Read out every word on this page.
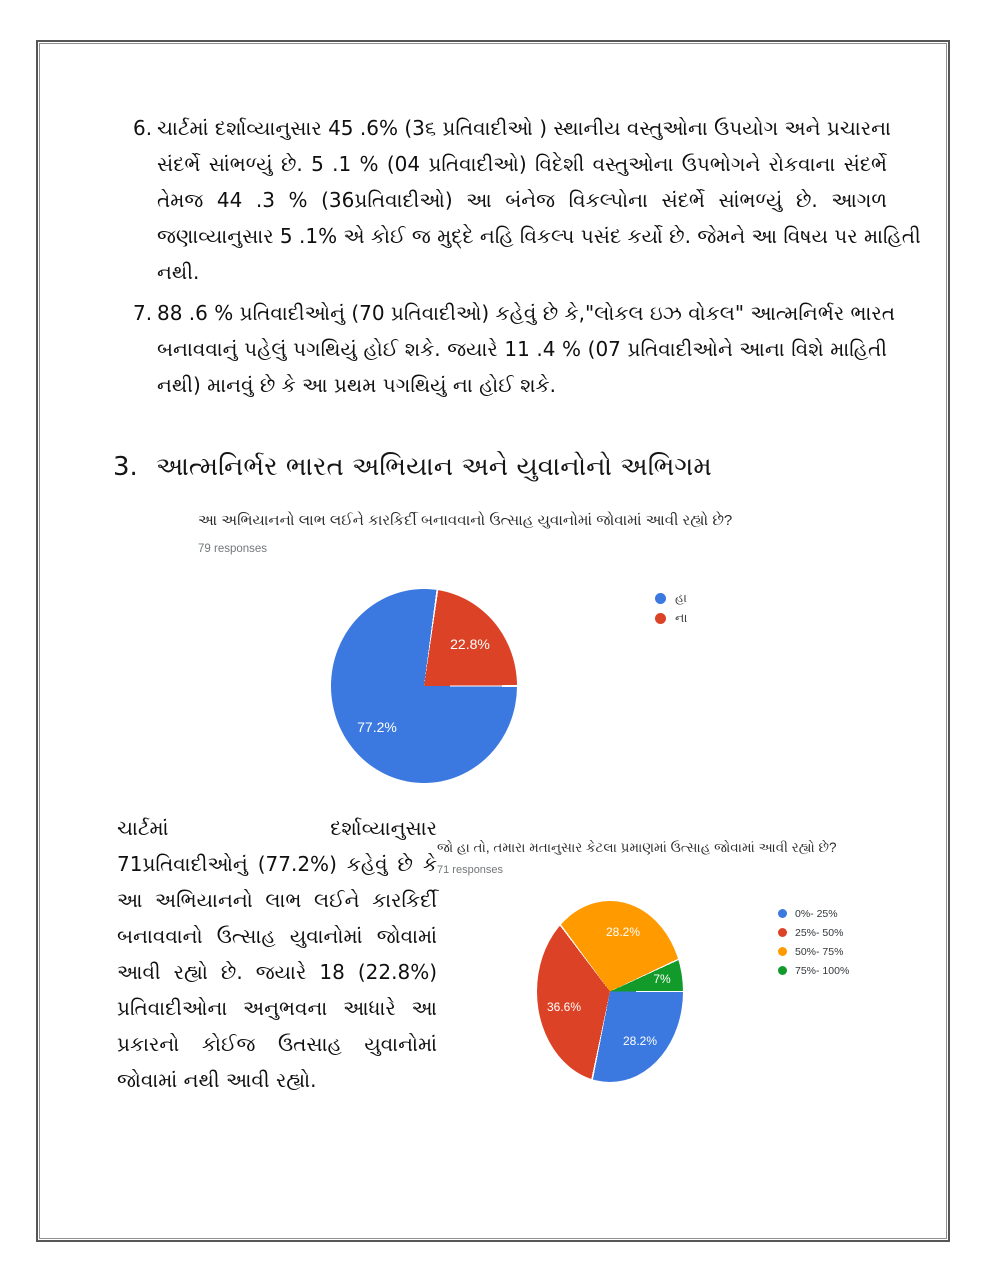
6. ચાર્ટમાં દર્શાવ્યાનુસાર 45 .6% (3૬ પ્રતિવાદીઓ ) સ્થાનીય વસ્તુઓના ઉપયોગ અને પ્રચારના
સંદર્ભે સાંભળ્યું છે. 5 .1 % (04 પ્રતિવાદીઓ) વિદેશી વસ્તુઓના ઉપભોગને રોકવાના સંદર્ભે
તેમજ 44 .3 % (36પ્રતિવાદીઓ) આ બંનેજ વિકલ્પોના સંદર્ભે સાંભળ્યું છે. આગળ
જણાવ્યાનુસાર 5 .1% એ કોઈ જ મુદ્દે નહિ વિકલ્પ પસંદ કર્યો છે. જેમને આ વિષય પર માહિતી
નથી.
7. 88 .6 % પ્રતિવાદીઓનું (70 પ્રતિવાદીઓ) કહેવું છે કે,"લોકલ ઇઝ વોકલ" આત્મનિર્ભર ભારત
બનાવવાનું પહેલું પગથિયું હોઈ શકે. જયારે 11 .4 % (07 પ્રતિવાદીઓને આના વિશે માહિતી
નથી) માનવું છે કે આ પ્રથમ પગથિયું ના હોઈ શકે.
3. આત્મનિર્ભર ભારત અભિયાન અને યુવાનોનો અભિગમ
આ અભિયાનનો લાભ લઈને કારકિર્દી બનાવવાનો ઉત્સાહ યુવાનોમાં જોવામાં આવી રહ્યો છે?
79 responses
77.2%
22.8%
હા
ના
ચાર્ટમાં દર્શાવ્યાનુસાર
71પ્રતિવાદીઓનું (77.2%) કહેવું છે કે
આ અભિયાનનો લાભ લઈને કારકિર્દી
બનાવવાનો ઉત્સાહ યુવાનોમાં જોવામાં
આવી રહ્યો છે. જયારે 18 (22.8%)
પ્રતિવાદીઓના અનુભવના આધારે આ
પ્રકારનો કોઈજ ઉતસાહ યુવાનોમાં
જોવામાં નથી આવી રહ્યો.
જો હા તો, તમારા મતાનુસાર કેટલા પ્રમાણમાં ઉત્સાહ જોવામાં આવી રહ્યો છે?
71 responses
28.2%
36.6%
28.2%
7%
0%- 25%
25%- 50%
50%- 75%
75%- 100%
